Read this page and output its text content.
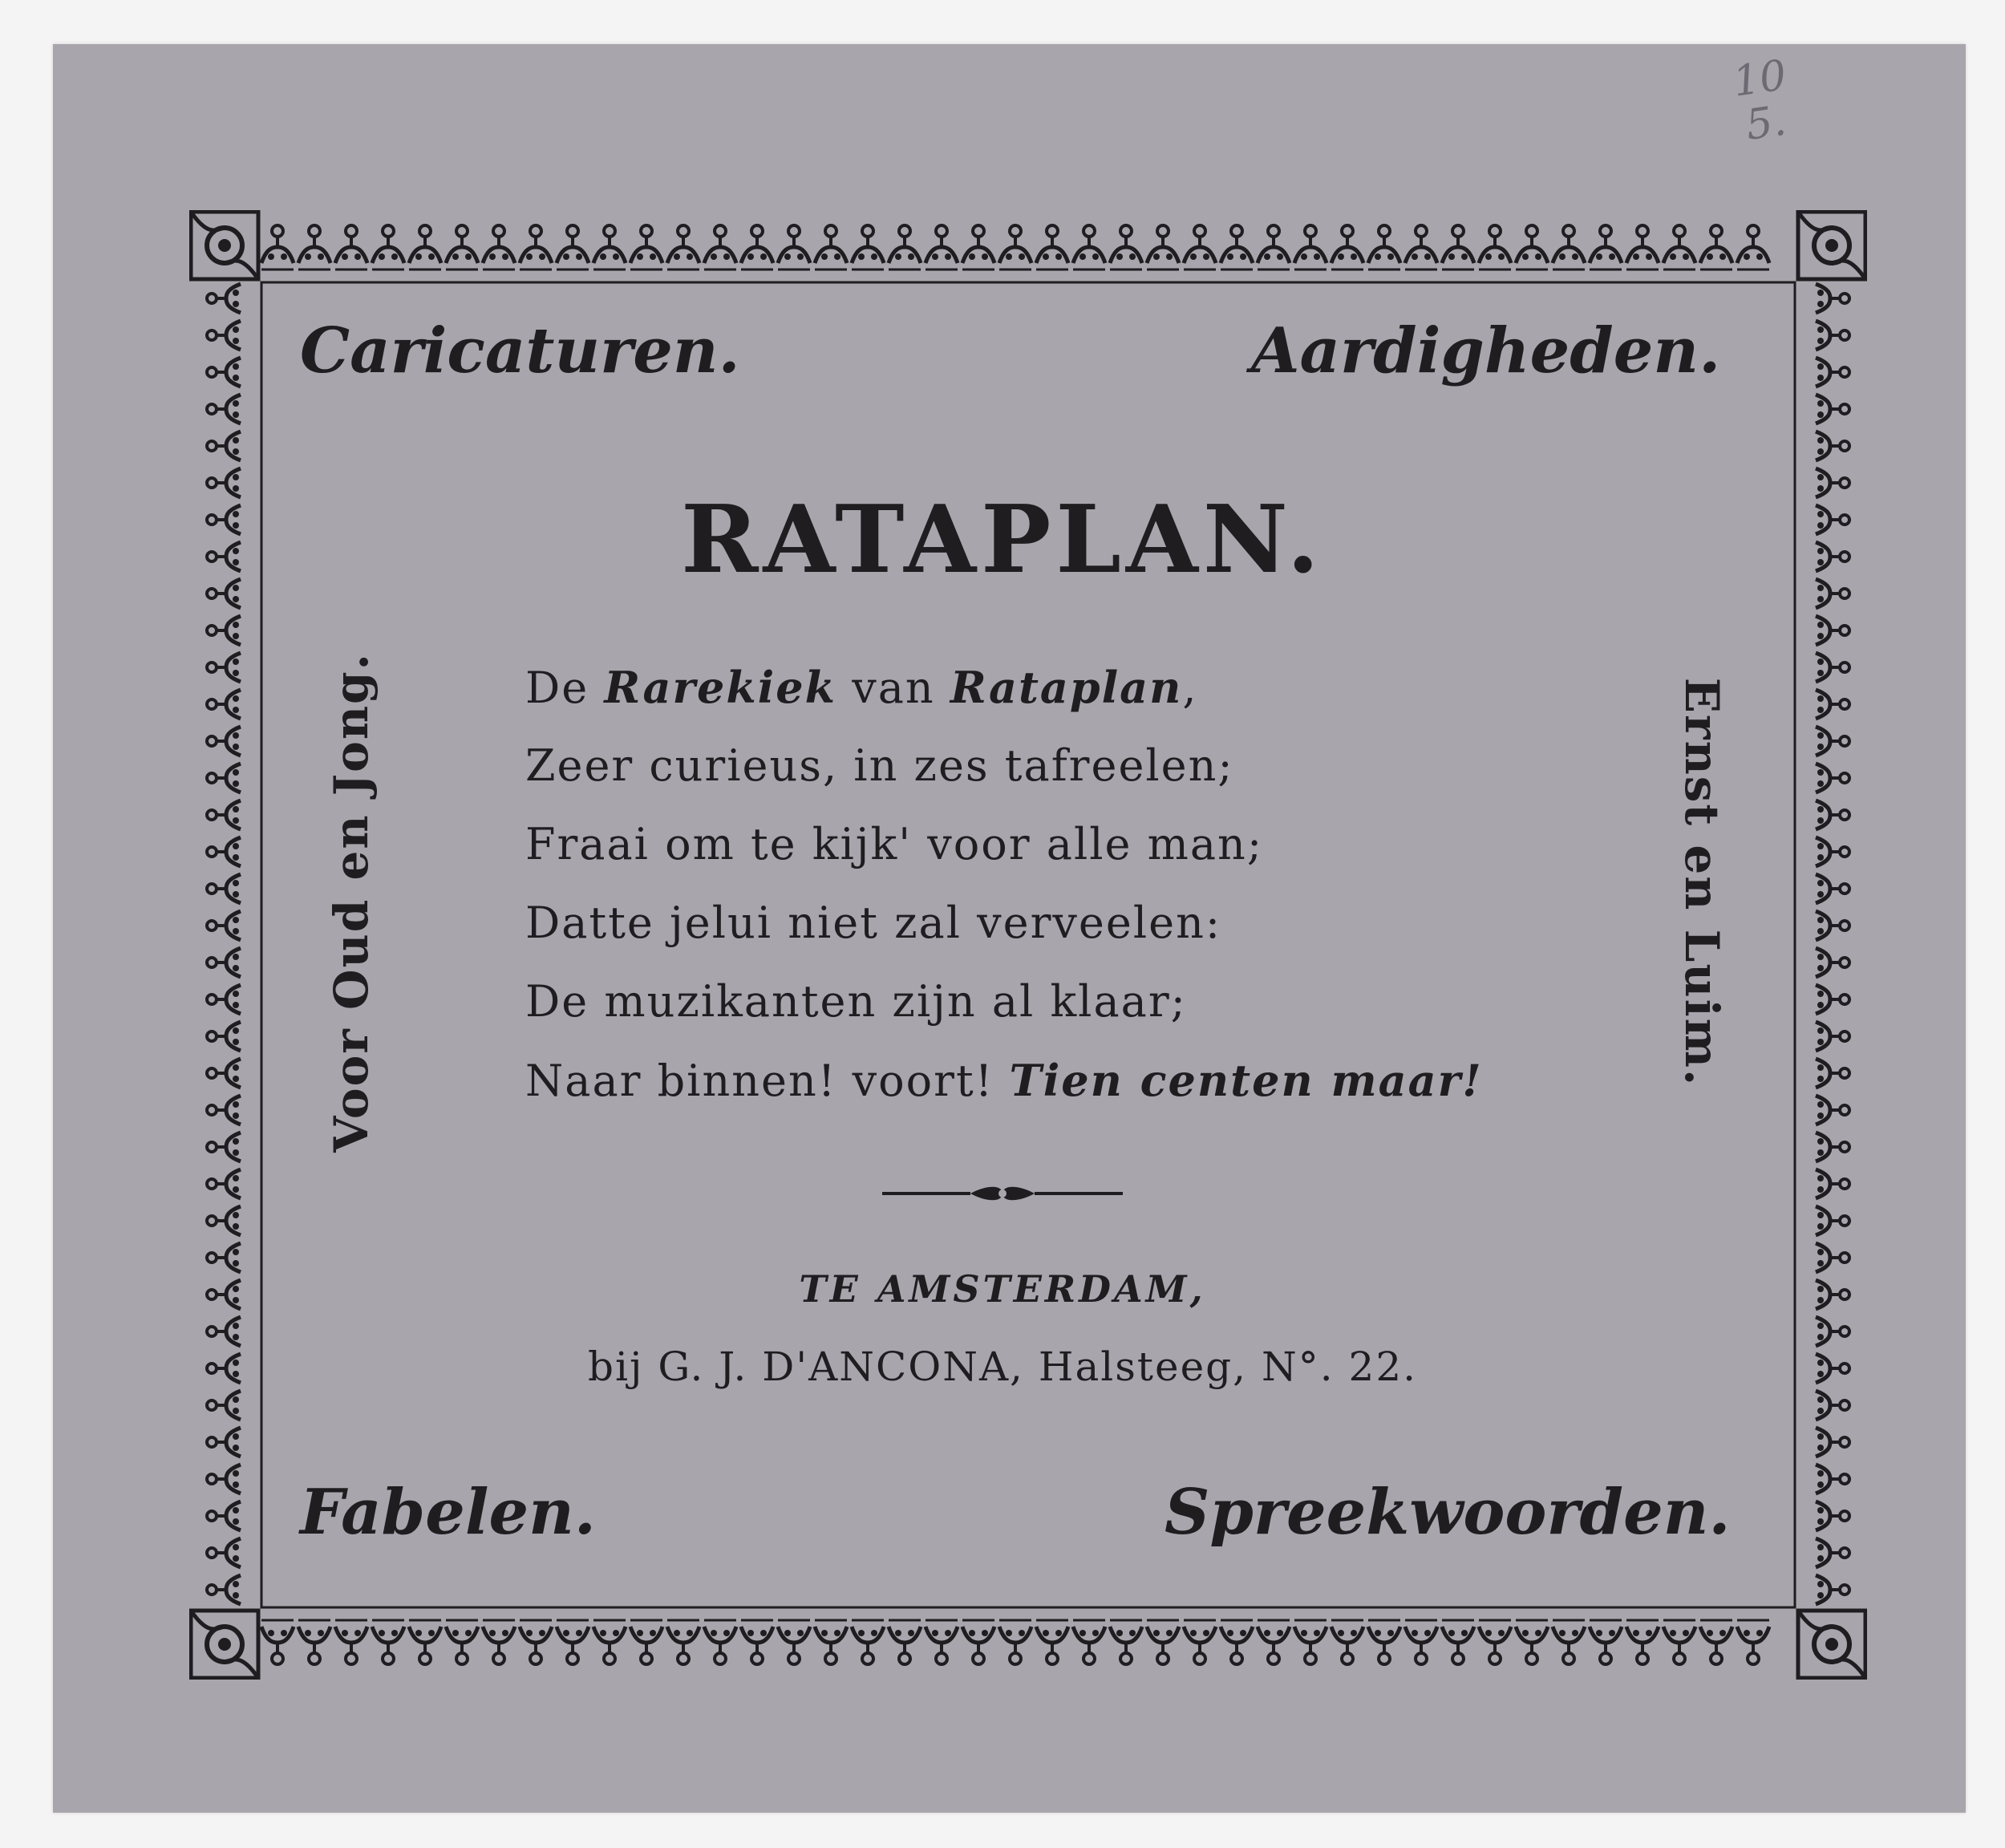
10
5.
Caricaturen.	Aardigheden.
Fabelen.	Spreekwoorden.
RATAPLAN.
Voor Oud en Jong.	Ernst en Luim.
De Rarekiek van Rataplan,
Zeer curieus, in zes tafreelen;
Fraai om te kijk' voor alle man;
Datte jelui niet zal verveelen:
De muzikanten zijn al klaar;
Naar binnen! voort! Tien centen maar!
TE AMSTERDAM,
bij G. J. D'ANCONA, Halsteeg, N°. 22.
